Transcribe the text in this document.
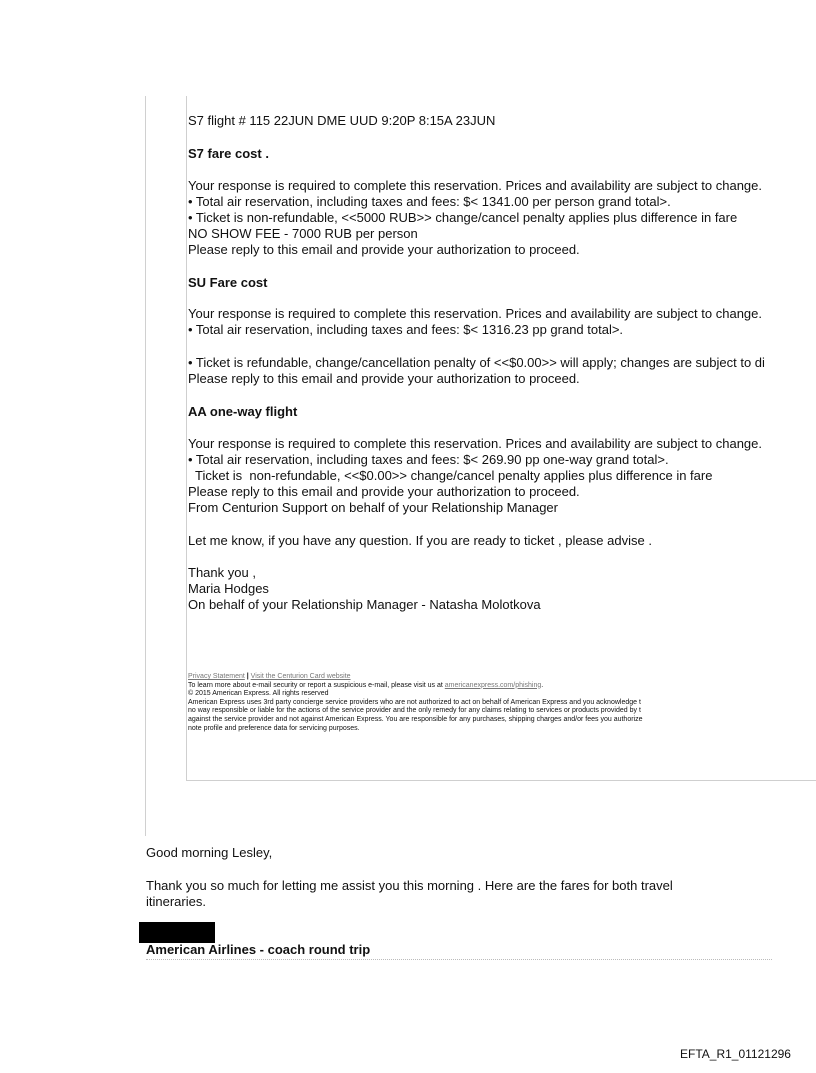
S7 flight # 115 22JUN DME UUD 9:20P 8:15A 23JUN
S7 fare cost .
Your response is required to complete this reservation. Prices and availability are subject to change.
• Total air reservation, including taxes and fees: $< 1341.00 per person grand total>.
• Ticket is non-refundable, <<5000 RUB>> change/cancel penalty applies plus difference in fare
NO SHOW FEE - 7000 RUB per person
Please reply to this email and provide your authorization to proceed.
SU Fare cost
Your response is required to complete this reservation. Prices and availability are subject to change.
• Total air reservation, including taxes and fees: $< 1316.23 pp grand total>.
• Ticket is refundable, change/cancellation penalty of <<$0.00>> will apply; changes are subject to di
Please reply to this email and provide your authorization to proceed.
AA one-way flight
Your response is required to complete this reservation. Prices and availability are subject to change.
• Total air reservation, including taxes and fees: $< 269.90 pp one-way grand total>.
Ticket is  non-refundable, <<$0.00>> change/cancel penalty applies plus difference in fare
Please reply to this email and provide your authorization to proceed.
From Centurion Support on behalf of your Relationship Manager
Let me know, if you have any question. If you are ready to ticket , please advise .
Thank you ,
Maria Hodges
On behalf of your Relationship Manager - Natasha Molotkova
Privacy Statement | Visit the Centurion Card website
To learn more about e-mail security or report a suspicious e-mail, please visit us at americanexpress.com/phishing.
© 2015 American Express. All rights reserved
American Express uses 3rd party concierge service providers who are not authorized to act on behalf of American Express and you acknowledge t
no way responsible or liable for the actions of the service provider and the only remedy for any claims relating to services or products provided by t
against the service provider and not against American Express. You are responsible for any purchases, shipping charges and/or fees you authorize
note profile and preference data for servicing purposes.
Good morning Lesley,
Thank you so much for letting me assist you this morning . Here are the fares for both travel
itineraries.
American Airlines - coach round trip
EFTA_R1_01121296
